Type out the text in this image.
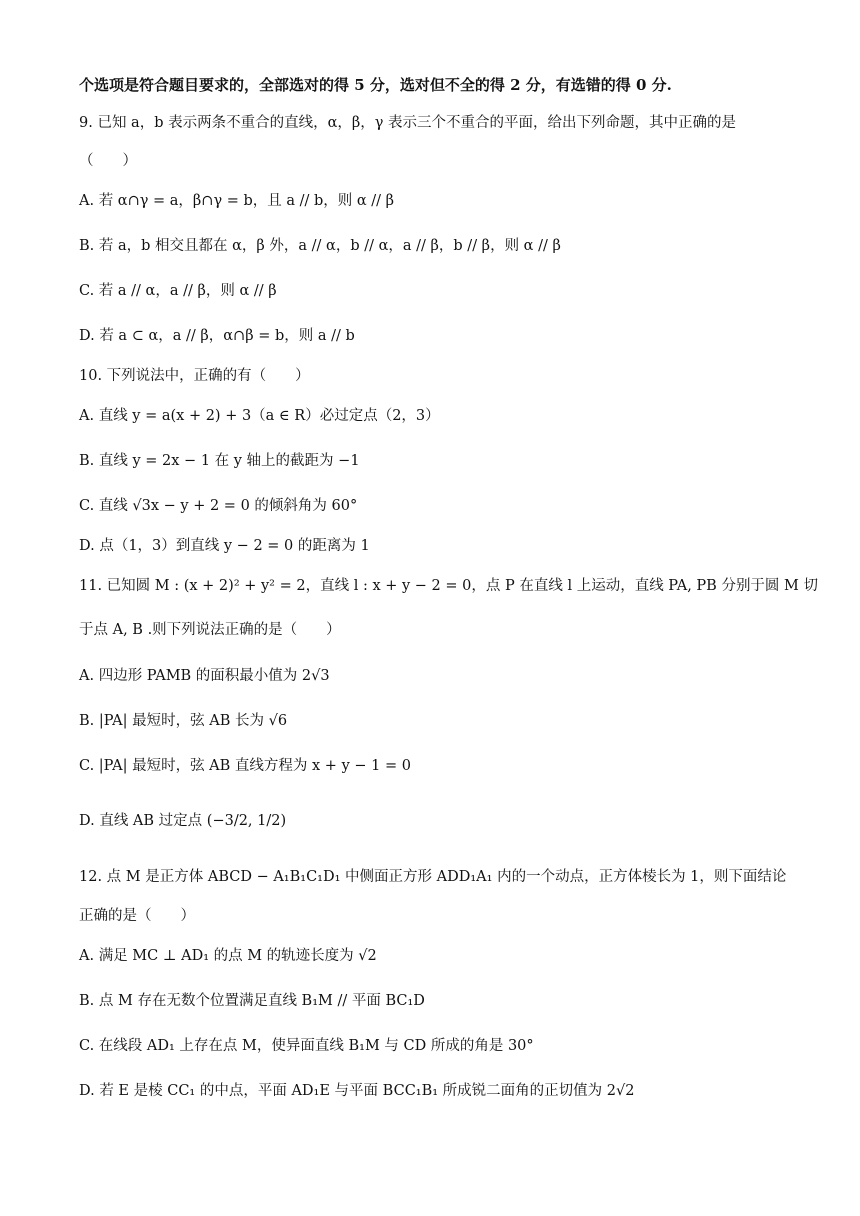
个选项是符合题目要求的，全部选对的得 5 分，选对但不全的得 2 分，有选错的得 0 分.
9. 已知 a，b 表示两条不重合的直线，α，β，γ 表示三个不重合的平面，给出下列命题，其中正确的是
（　　）
A. 若 α∩γ = a，β∩γ = b，且 a // b，则 α // β
B. 若 a，b 相交且都在 α，β 外，a // α，b // α，a // β，b // β，则 α // β
C. 若 a // α，a // β，则 α // β
D. 若 a ⊂ α，a // β，α∩β = b，则 a // b
10. 下列说法中，正确的有（　　）
A. 直线 y = a(x + 2) + 3（a ∈ R）必过定点（2，3）
B. 直线 y = 2x − 1 在 y 轴上的截距为 −1
C. 直线 √3x − y + 2 = 0 的倾斜角为 60°
D. 点（1，3）到直线 y − 2 = 0 的距离为 1
11. 已知圆 M : (x + 2)² + y² = 2，直线 l : x + y − 2 = 0，点 P 在直线 l 上运动，直线 PA, PB 分别于圆 M 切
于点 A, B .则下列说法正确的是（　　）
A. 四边形 PAMB 的面积最小值为 2√3
B. |PA| 最短时，弦 AB 长为 √6
C. |PA| 最短时，弦 AB 直线方程为 x + y − 1 = 0
D. 直线 AB 过定点 (−3/2, 1/2)
12. 点 M 是正方体 ABCD − A₁B₁C₁D₁ 中侧面正方形 ADD₁A₁ 内的一个动点，正方体棱长为 1，则下面结论
正确的是（　　）
A. 满足 MC ⊥ AD₁ 的点 M 的轨迹长度为 √2
B. 点 M 存在无数个位置满足直线 B₁M // 平面 BC₁D
C. 在线段 AD₁ 上存在点 M，使异面直线 B₁M 与 CD 所成的角是 30°
D. 若 E 是棱 CC₁ 的中点，平面 AD₁E 与平面 BCC₁B₁ 所成锐二面角的正切值为 2√2
